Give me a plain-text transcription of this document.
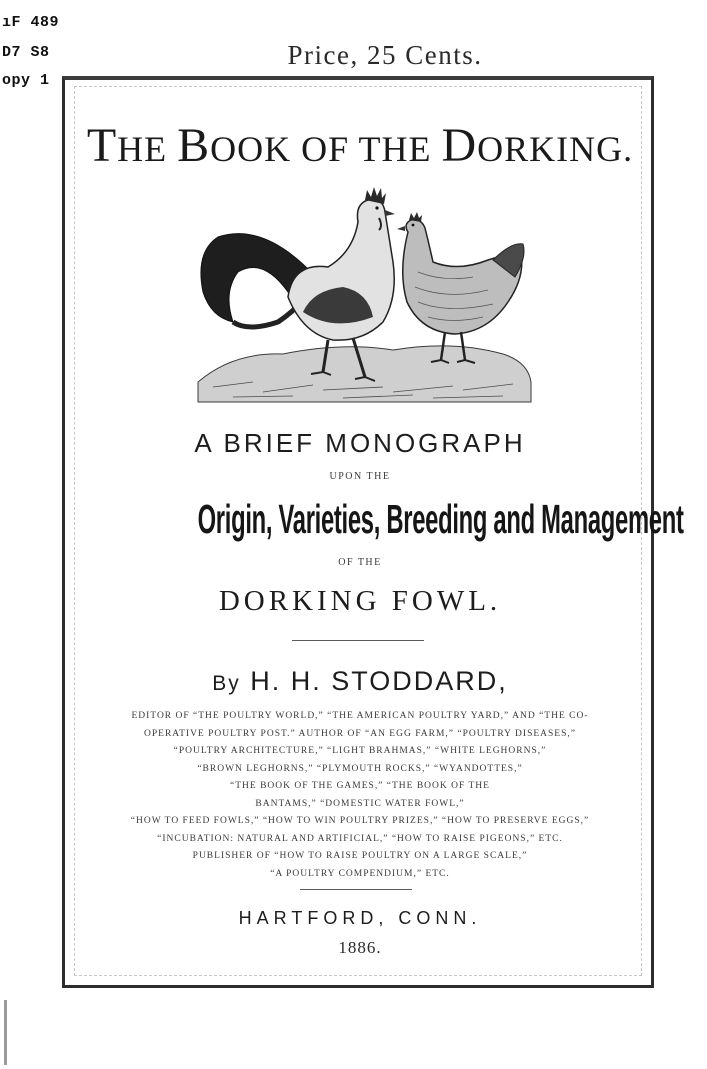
ıF 489
D7 S8
opy 1
Price, 25 Cents.
THE BOOK OF THE DORKING.
A BRIEF MONOGRAPH
UPON THE
Origin, Varieties, Breeding and Management
OF THE
DORKING FOWL.
By H. H. STODDARD,
EDITOR OF “THE POULTRY WORLD,” “THE AMERICAN POULTRY YARD,” AND “THE CO-
OPERATIVE POULTRY POST.” AUTHOR OF “AN EGG FARM,” “POULTRY DISEASES,”
“POULTRY ARCHITECTURE,” “LIGHT BRAHMAS,” “WHITE LEGHORNS,”
“BROWN LEGHORNS,” “PLYMOUTH ROCKS,” “WYANDOTTES,”
“THE BOOK OF THE GAMES,” “THE BOOK OF THE
BANTAMS,” “DOMESTIC WATER FOWL,”
“HOW TO FEED FOWLS,” “HOW TO WIN POULTRY PRIZES,” “HOW TO PRESERVE EGGS,”
“INCUBATION: NATURAL AND ARTIFICIAL,” “HOW TO RAISE PIGEONS,” ETC.
PUBLISHER OF “HOW TO RAISE POULTRY ON A LARGE SCALE,”
“A POULTRY COMPENDIUM,” ETC.
HARTFORD, CONN.
1886.
